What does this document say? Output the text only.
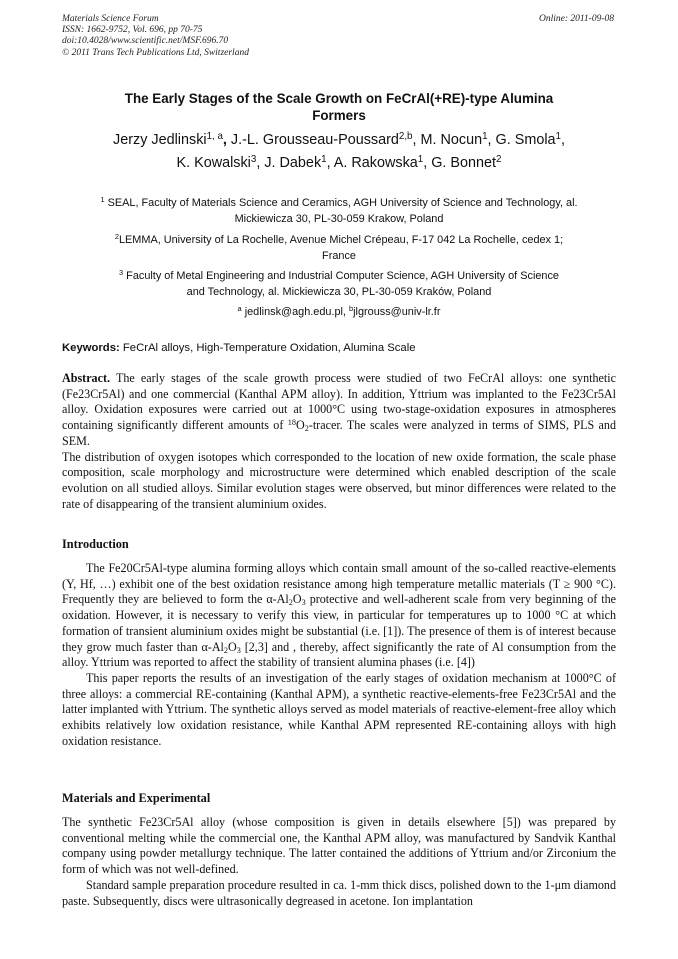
Materials Science Forum
ISSN: 1662-9752, Vol. 696, pp 70-75
doi:10.4028/www.scientific.net/MSF.696.70
© 2011 Trans Tech Publications Ltd, Switzerland
Online: 2011-09-08
The Early Stages of the Scale Growth on FeCrAl(+RE)-type Alumina
Formers
Jerzy Jedlinski$^{1, a}$, J.-L. Grousseau-Poussard$^{2,b}$, M. Nocun$^1$, G. Smola$^1$,
K. Kowalski$^3$, J. Dabek$^1$, A. Rakowska$^1$, G. Bonnet$^2$
$^1$ SEAL, Faculty of Materials Science and Ceramics, AGH University of Science and Technology, al.
Mickiewicza 30, PL-30-059 Krakow, Poland
$^2$LEMMA, University of La Rochelle, Avenue Michel Crépeau, F-17 042 La Rochelle, cedex 1;
France
$^3$ Faculty of Metal Engineering and Industrial Computer Science, AGH University of Science
and Technology, al. Mickiewicza 30, PL-30-059 Kraków, Poland
$^a$ jedlinsk@agh.edu.pl, $^b$jlgrouss@univ-lr.fr
Keywords: FeCrAl alloys, High-Temperature Oxidation, Alumina Scale

Abstract. The early stages of the scale growth process were studied of two FeCrAl alloys: one synthetic (Fe23Cr5Al) and one commercial (Kanthal APM alloy). In addition, Yttrium was implanted to the Fe23Cr5Al alloy. Oxidation exposures were carried out at 1000°C using two-stage-oxidation exposures in atmospheres containing significantly different amounts of $^{18}O_2$-tracer. The scales were analyzed in terms of SIMS, PLS and SEM.

The distribution of oxygen isotopes which corresponded to the location of new oxide formation, the scale phase composition, scale morphology and microstructure were determined which enabled description of the scale evolution on all studied alloys. Similar evolution stages were observed, but minor differences were related to the rate of disappearing of the transient aluminium oxides.

Introduction

The Fe20Cr5Al-type alumina forming alloys which contain small amount of the so-called reactive-elements (Y, Hf, …) exhibit one of the best oxidation resistance among high temperature metallic materials (T ≥ 900 °C). Frequently they are believed to form the $\alpha-Al_2O_3$ protective and well-adherent scale from very beginning of the oxidation. However, it is necessary to verify this view, in particular for temperatures up to 1000 °C at which formation of transient aluminium oxides might be substantial (i.e. [1]). The presence of them is of interest because they grow much faster than $\alpha-Al_2O_3$ [2,3] and , thereby, affect significantly the rate of Al consumption from the alloy. Yttrium was reported to affect the stability of transient alumina phases (i.e. [4])

This paper reports the results of an investigation of the early stages of oxidation mechanism at 1000°C of three alloys: a commercial RE-containing (Kanthal APM), a synthetic reactive-elements-free Fe23Cr5Al and the latter implanted with Yttrium. The synthetic alloys served as model materials of reactive-element-free alloy which exhibits relatively low oxidation resistance, while Kanthal APM represented RE-containing alloys with high oxidation resistance.

Materials and Experimental

The synthetic Fe23Cr5Al alloy (whose composition is given in details elsewhere [5]) was prepared by conventional melting while the commercial one, the Kanthal APM alloy, was manufactured by Sandvik Kanthal company using powder metallurgy technique. The latter contained the additions of Yttrium and/or Zirconium the form of which was not well-defined.

Standard sample preparation procedure resulted in ca. 1-mm thick discs, polished down to the 1-μm diamond paste. Subsequently, discs were ultrasonically degreased in acetone. Ion implantation
